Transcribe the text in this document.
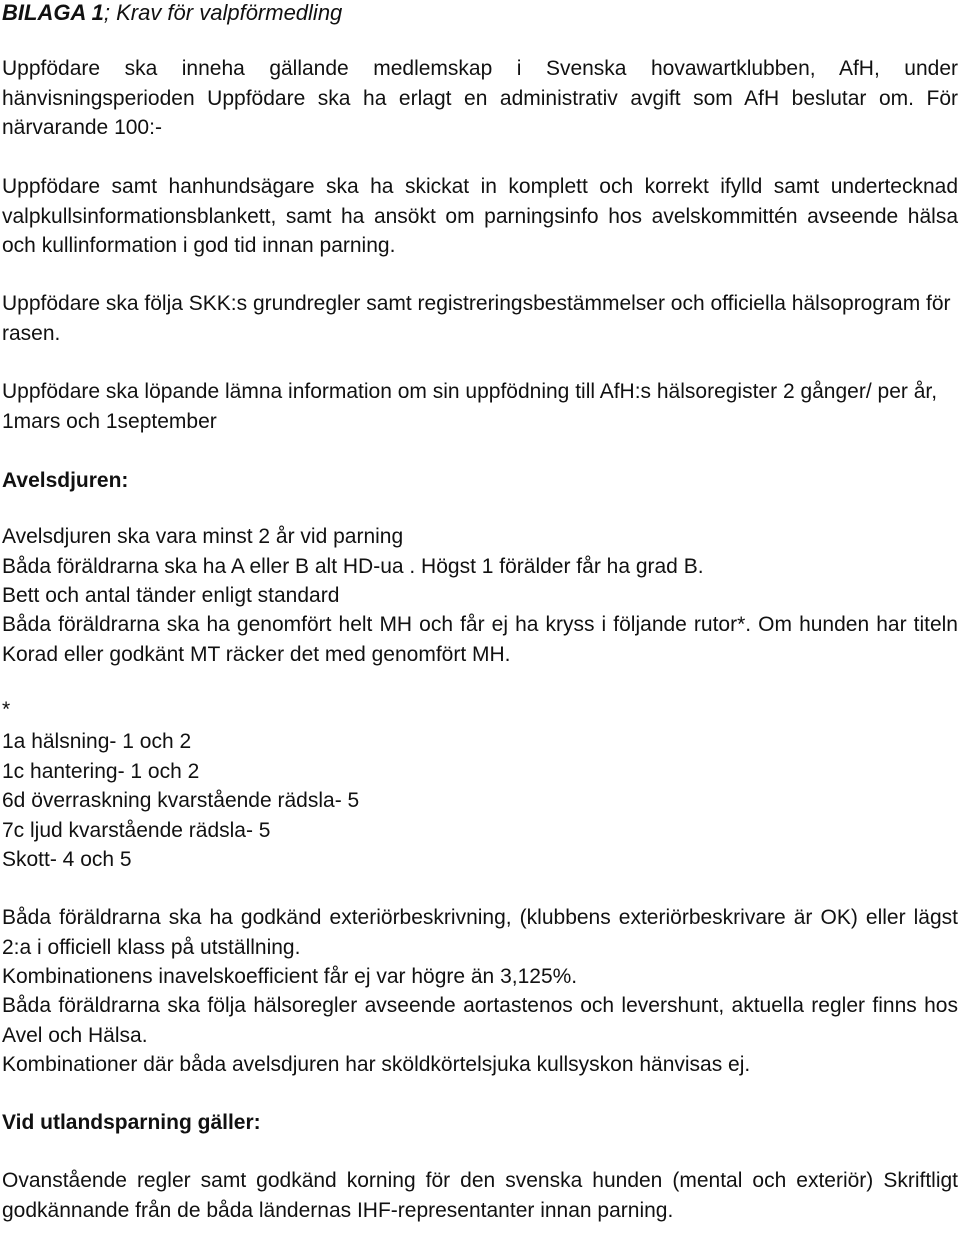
BILAGA 1; Krav för valpförmedling

Uppfödare ska inneha gällande medlemskap i Svenska hovawartklubben, AfH, under hänvisningsperioden Uppfödare ska ha erlagt en administrativ avgift som AfH beslutar om. För närvarande 100:-

Uppfödare samt hanhundsägare ska ha skickat in komplett och korrekt ifylld samt undertecknad valpkullsinformationsblankett, samt ha ansökt om parningsinfo hos avelskommittén avseende hälsa och kullinformation i god tid innan parning.

Uppfödare ska följa SKK:s grundregler samt registreringsbestämmelser och officiella hälsoprogram för rasen.

Uppfödare ska löpande lämna information om sin uppfödning till AfH:s hälsoregister 2 gånger/ per år, 1mars och 1september

Avelsdjuren:
Avelsdjuren ska vara minst 2 år vid parning
Båda föräldrarna ska ha A eller B alt HD-ua . Högst 1 förälder får ha grad B.
Bett och antal tänder enligt standard

Båda föräldrarna ska ha genomfört helt MH och får ej ha kryss i följande rutor*. Om hunden har titeln Korad eller godkänt MT räcker det med genomfört MH.

*
1a hälsning- 1 och 2
1c hantering- 1 och 2
6d överraskning kvarstående rädsla- 5
7c ljud kvarstående rädsla- 5
Skott- 4 och 5

Båda föräldrarna ska ha godkänd exteriörbeskrivning, (klubbens exteriörbeskrivare är OK) eller lägst 2:a i officiell klass på utställning.

Kombinationens inavelskoefficient får ej var högre än 3,125%.

Båda föräldrarna ska följa hälsoregler avseende aortastenos och levershunt, aktuella regler finns hos Avel och Hälsa.

Kombinationer där båda avelsdjuren har sköldkörtelsjuka kullsyskon hänvisas ej.

Vid utlandsparning gäller:

Ovanstående regler samt godkänd korning för den svenska hunden (mental och exteriör) Skriftligt godkännande från de båda ländernas IHF-representanter innan parning.
